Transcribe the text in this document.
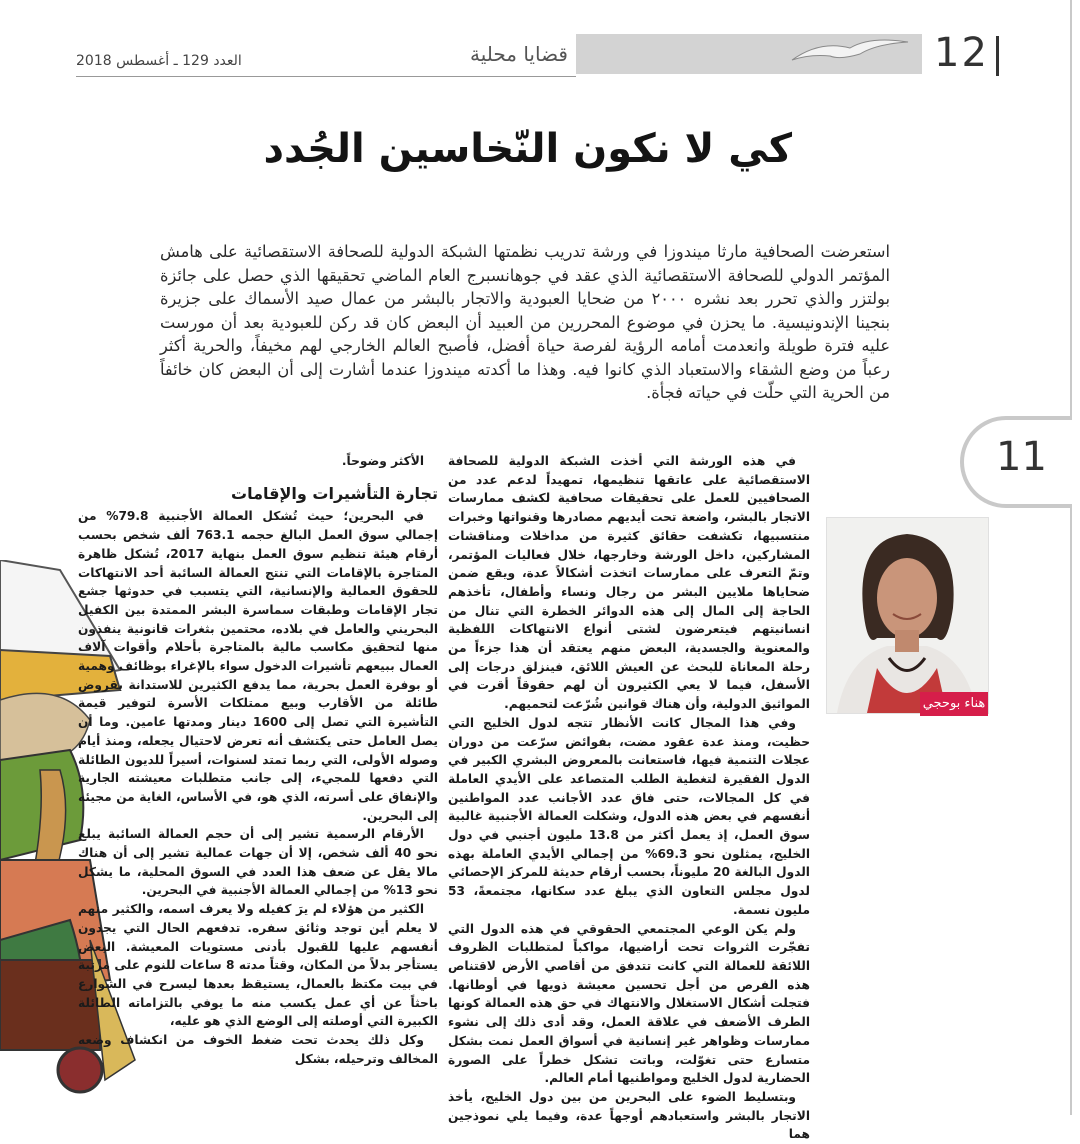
العدد 129 ـ أغسطس 2018	قضايا محلية	12
كي لا نكون النّخاسين الجُدد
استعرضت الصحافية مارثا ميندوزا في ورشة تدريب نظمتها الشبكة الدولية للصحافة الاستقصائية على هامش المؤتمر الدولي للصحافة الاستقصائية الذي عقد في جوهانسبرج العام الماضي تحقيقها الذي حصل على جائزة بولتزر والذي تحرر بعد نشره ٢٠٠٠ من ضحايا العبودية والاتجار بالبشر من عمال صيد الأسماك على جزيرة بنجينا الإندونيسية. ما يحزن في موضوع المحررين من العبيد أن البعض كان قد ركن للعبودية بعد أن مورست عليه فترة طويلة وانعدمت أمامه الرؤية لفرصة حياة أفضل، فأصبح العالم الخارجي لهم مخيفاً، والحرية أكثر رعباً من وضع الشقاء والاستعباد الذي كانوا فيه. وهذا ما أكدته ميندوزا عندما أشارت إلى أن البعض كان خائفاً من الحرية التي حلّت في حياته فجأة.
11
هناء بوحجي

في هذه الورشة التي أخذت الشبكة الدولية للصحافة الاستقصائية على عاتقها تنظيمها، تمهيداً لدعم عدد من الصحافيين للعمل على تحقيقات صحافية لكشف ممارسات الاتجار بالبشر، واضعة تحت أيديهم مصادرها وقنواتها وخبرات منتسبيها، تكشفت حقائق كثيرة من مداخلات ومناقشات المشاركين، داخل الورشة وخارجها، خلال فعاليات المؤتمر، وتمّ التعرف على ممارسات اتخذت أشكالاً عدة، ويقع ضمن ضحاياها ملايين البشر من رجال ونساء وأطفال، تأخذهم الحاجة إلى المال إلى هذه الدوائر الخطرة التي تنال من انسانيتهم فيتعرضون لشتى أنواع الانتهاكات اللفظية والمعنوية والجسدية، البعض منهم يعتقد أن هذا جزءاً من رحلة المعاناة للبحث عن العيش اللائق، فينزلق درجات إلى الأسفل، فيما لا يعي الكثيرون أن لهم حقوقاً أقرت في المواثيق الدولية، وأن هناك قوانين شُرّعت لتحميهم.

وفي هذا المجال كانت الأنظار تتجه لدول الخليج التي حظيت، ومنذ عدة عقود مضت، بفوائض سرّعت من دوران عجلات التنمية فيها، فاستعانت بالمعروض البشري الكبير في الدول الفقيرة لتغطية الطلب المتصاعد على الأيدي العاملة في كل المجالات، حتى فاق عدد الأجانب عدد المواطنين أنفسهم في بعض هذه الدول، وشكلت العمالة الأجنبية غالبية سوق العمل، إذ يعمل أكثر من 13.8 مليون أجنبي في دول الخليج، يمثلون نحو 69.3% من إجمالي الأيدي العاملة بهذه الدول البالغة 20 مليوناً، بحسب أرقام حديثة للمركز الإحصائي لدول مجلس التعاون الذي يبلغ عدد سكانها، مجتمعةً، 53 مليون نسمة.

ولم يكن الوعي المجتمعي الحقوقي في هذه الدول التي تفجّرت الثروات تحت أراضيها، مواكباً لمتطلبات الظروف اللائقة للعمالة التي كانت تتدفق من أقاصي الأرض لاقتناص هذه الفرص من أجل تحسين معيشة ذويها في أوطانها. فتجلت أشكال الاستغلال والانتهاك في حق هذه العمالة كونها الطرف الأضعف في علاقة العمل، وقد أدى ذلك إلى نشوء ممارسات وظواهر غير إنسانية في أسواق العمل نمت بشكل متسارع حتى تغوّلت، وباتت تشكل خطراً على الصورة الحضارية لدول الخليج ومواطنيها أمام العالم.

وبتسليط الضوء على البحرين من بين دول الخليج، يأخذ الاتجار بالبشر واستعبادهم أوجهاً عدة، وفيما يلي نموذجين هما

الأكثر وضوحاً.

تجارة التأشيرات والإقامات

في البحرين؛ حيث تُشكل العمالة الأجنبية 79.8% من إجمالي سوق العمل البالغ حجمه 763.1 ألف شخص بحسب أرقام هيئة تنظيم سوق العمل بنهاية 2017، تُشكل ظاهرة المتاجرة بالإقامات التي تنتج العمالة السائبة أحد الانتهاكات للحقوق العمالية والإنسانية، التي يتسبب في حدوثها جشع تجار الإقامات وطبقات سماسرة البشر الممتدة بين الكفيل البحريني والعامل في بلاده، محتمين بثغرات قانونية ينفذون منها لتحقيق مكاسب مالية بالمتاجرة بأحلام وأقوات آلاف العمال ببيعهم تأشيرات الدخول سواء بالإغراء بوظائف وهمية أو بوفرة العمل بحرية، مما يدفع الكثيرين للاستدانة بقروض طائلة من الأقارب وبيع ممتلكات الأسرة لتوفير قيمة التأشيرة التي تصل إلى 1600 دينار ومدتها عامين. وما أن يصل العامل حتى يكتشف أنه تعرض لاحتيال يجعله، ومنذ أيام وصوله الأولى، التي ربما تمتد لسنوات، أسيراً للديون الطائلة التي دفعها للمجيء، إلى جانب متطلبات معيشته الجارية والإنفاق على أسرته، الذي هو، في الأساس، الغاية من مجيئه إلى البحرين.

الأرقام الرسمية تشير إلى أن حجم العمالة السائبة يبلغ نحو 40 ألف شخص، إلا أن جهات عمالية تشير إلى أن هناك مالا يقل عن ضعف هذا العدد في السوق المحلية، ما يشكل نحو 13% من إجمالي العمالة الأجنبية في البحرين.

الكثير من هؤلاء لم يرَ كفيله ولا يعرف اسمه، والكثير منهم لا يعلم أين توجد وثائق سفره. تدفعهم الحال التي يجدون أنفسهم عليها للقبول بأدنى مستويات المعيشة. البعض يستأجر بدلاً من المكان، وقتاً مدته 8 ساعات للنوم على مرتبة في بيت مكتظ بالعمال، يستيقظ بعدها ليسرح في الشوارع باحثاً عن أي عمل يكسب منه ما يوفي بالتزاماته الطائلة الكبيرة التي أوصلته إلى الوضع الذي هو عليه،

وكل ذلك يحدث تحت ضغط الخوف من انكشاف وضعه المخالف وترحيله، بشكل
